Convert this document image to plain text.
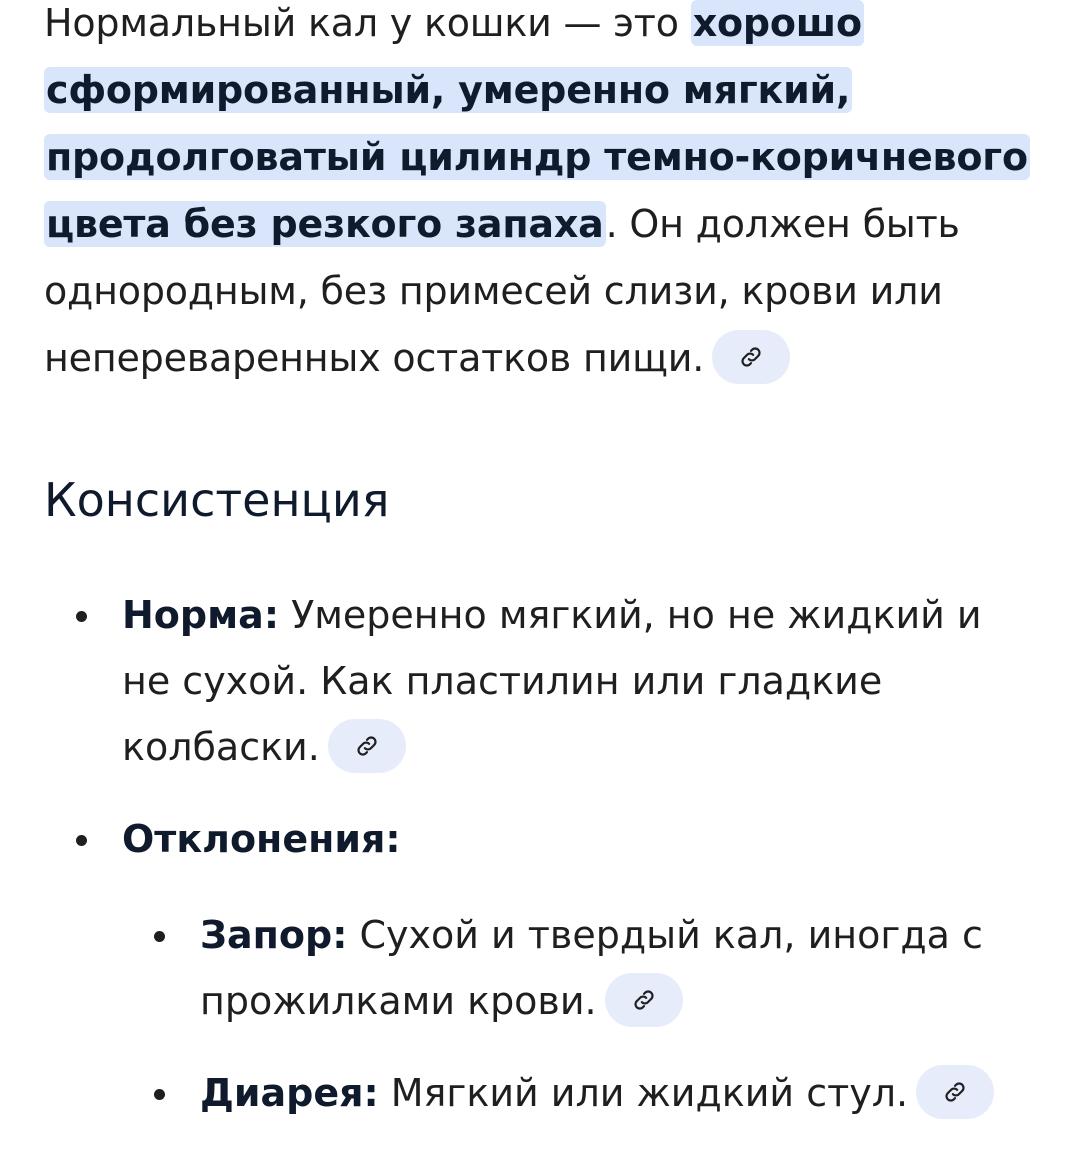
Нормальный кал у кошки — это хорошо сформированный, умеренно мягкий, продолговатый цилиндр темно-коричневого цвета без резкого запаха. Он должен быть однородным, без примесей слизи, крови или непереваренных остатков пищи.

Консистенция
Норма: Умеренно мягкий, но не жидкий и не сухой. Как пластилин или гладкие колбаски.
Отклонения:
Запор: Сухой и твердый кал, иногда с прожилками крови.
Диарея: Мягкий или жидкий стул.
